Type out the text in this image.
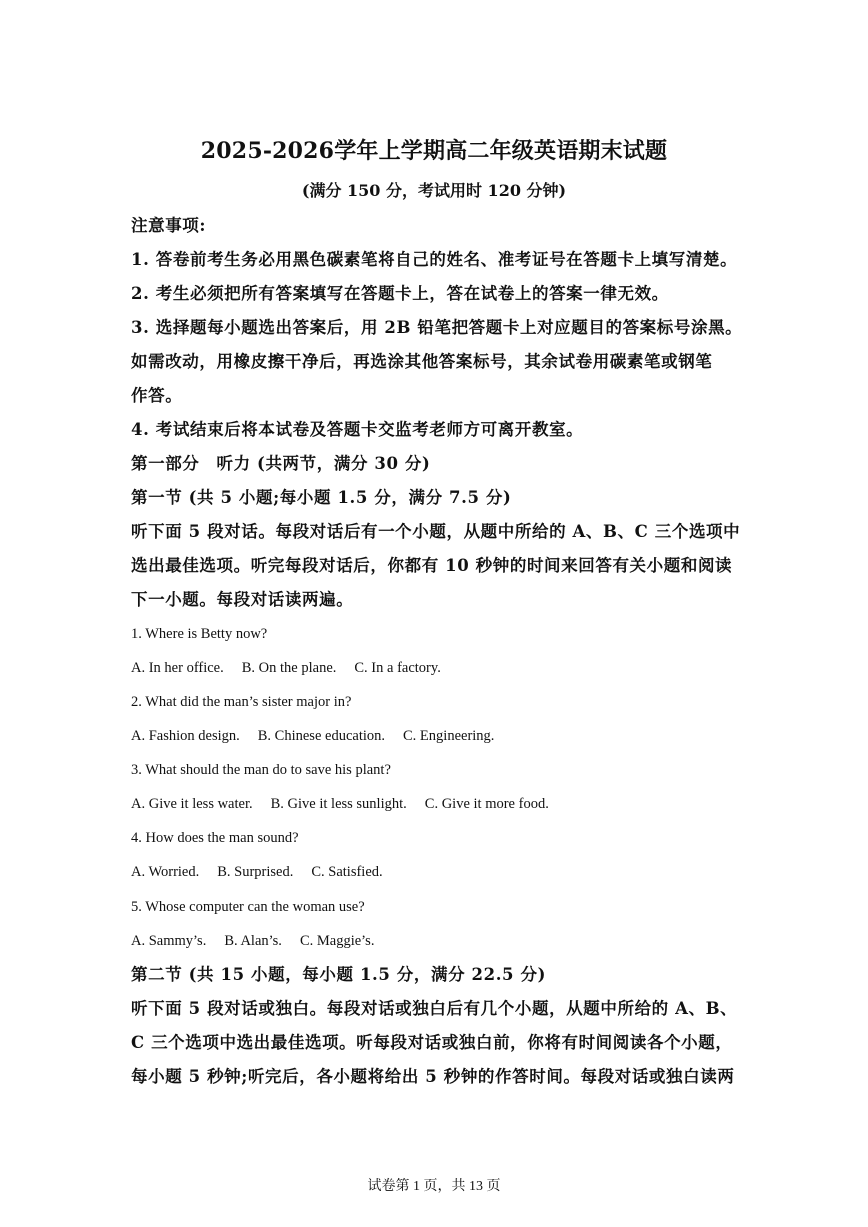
2025-2026学年上学期高二年级英语期末试题
(满分 150 分，考试用时 120 分钟)
注意事项:
1. 答卷前考生务必用黑色碳素笔将自己的姓名、准考证号在答题卡上填写清楚。
2. 考生必须把所有答案填写在答题卡上，答在试卷上的答案一律无效。
3. 选择题每小题选出答案后，用 2B 铅笔把答题卡上对应题目的答案标号涂黑。
如需改动，用橡皮擦干净后，再选涂其他答案标号，其余试卷用碳素笔或钢笔
作答。
4. 考试结束后将本试卷及答题卡交监考老师方可离开教室。
第一部分　听力 (共两节，满分 30 分)
第一节 (共 5 小题;每小题 1.5 分，满分 7.5 分)
听下面 5 段对话。每段对话后有一个小题，从题中所给的 A、B、C 三个选项中
选出最佳选项。听完每段对话后，你都有 10 秒钟的时间来回答有关小题和阅读
下一小题。每段对话读两遍。
1. Where is Betty now?
A. In her office. B. On the plane. C. In a factory.
2. What did the man’s sister major in?
A. Fashion design. B. Chinese education. C. Engineering.
3. What should the man do to save his plant?
A. Give it less water. B. Give it less sunlight. C. Give it more food.
4. How does the man sound?
A. Worried. B. Surprised. C. Satisfied.
5. Whose computer can the woman use?
A. Sammy’s. B. Alan’s. C. Maggie’s.
第二节 (共 15 小题，每小题 1.5 分，满分 22.5 分)
听下面 5 段对话或独白。每段对话或独白后有几个小题，从题中所给的 A、B、
C 三个选项中选出最佳选项。听每段对话或独白前，你将有时间阅读各个小题，
每小题 5 秒钟;听完后，各小题将给出 5 秒钟的作答时间。每段对话或独白读两
试卷第 1 页，共 13 页
